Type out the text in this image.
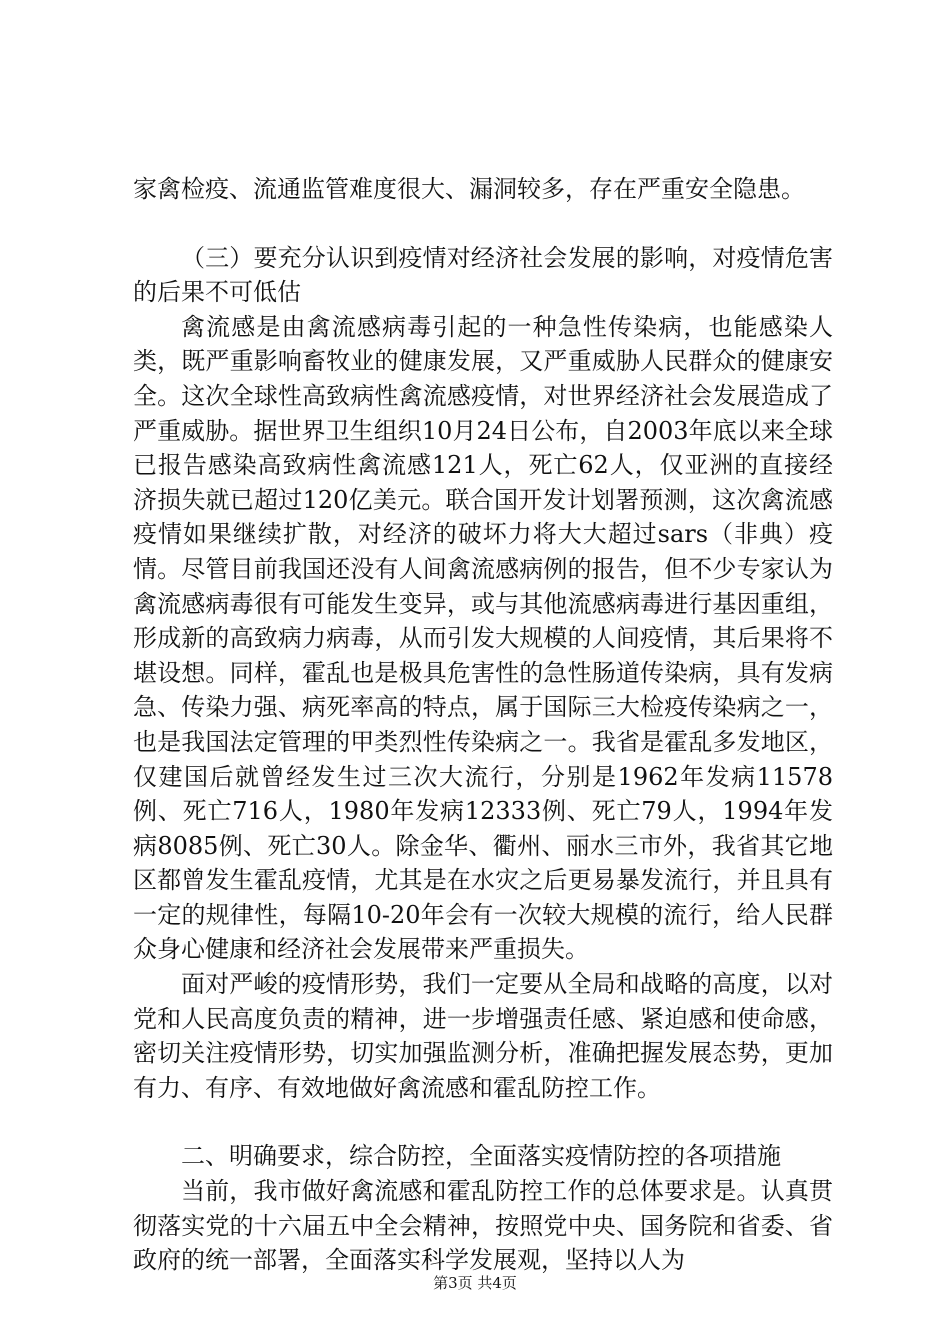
家禽检疫、流通监管难度很大、漏洞较多，存在严重安全隐患。

（三）要充分认识到疫情对经济社会发展的影响，对疫情危害的后果不可低估

禽流感是由禽流感病毒引起的一种急性传染病，也能感染人类，既严重影响畜牧业的健康发展，又严重威胁人民群众的健康安全。这次全球性高致病性禽流感疫情，对世界经济社会发展造成了严重威胁。据世界卫生组织10月24日公布，自2003年底以来全球已报告感染高致病性禽流感121人，死亡62人，仅亚洲的直接经济损失就已超过120亿美元。联合国开发计划署预测，这次禽流感疫情如果继续扩散，对经济的破坏力将大大超过sars（非典）疫情。尽管目前我国还没有人间禽流感病例的报告，但不少专家认为禽流感病毒很有可能发生变异，或与其他流感病毒进行基因重组，形成新的高致病力病毒，从而引发大规模的人间疫情，其后果将不堪设想。同样，霍乱也是极具危害性的急性肠道传染病，具有发病急、传染力强、病死率高的特点，属于国际三大检疫传染病之一，也是我国法定管理的甲类烈性传染病之一。我省是霍乱多发地区，仅建国后就曾经发生过三次大流行，分别是1962年发病11578例、死亡716人，1980年发病12333例、死亡79人，1994年发病8085例、死亡30人。除金华、衢州、丽水三市外，我省其它地区都曾发生霍乱疫情，尤其是在水灾之后更易暴发流行，并且具有一定的规律性，每隔10-20年会有一次较大规模的流行，给人民群众身心健康和经济社会发展带来严重损失。

面对严峻的疫情形势，我们一定要从全局和战略的高度，以对党和人民高度负责的精神，进一步增强责任感、紧迫感和使命感，密切关注疫情形势，切实加强监测分析，准确把握发展态势，更加有力、有序、有效地做好禽流感和霍乱防控工作。

二、明确要求，综合防控，全面落实疫情防控的各项措施

当前，我市做好禽流感和霍乱防控工作的总体要求是。认真贯彻落实党的十六届五中全会精神，按照党中央、国务院和省委、省政府的统一部署，全面落实科学发展观，坚持以人为

第3页 共4页
